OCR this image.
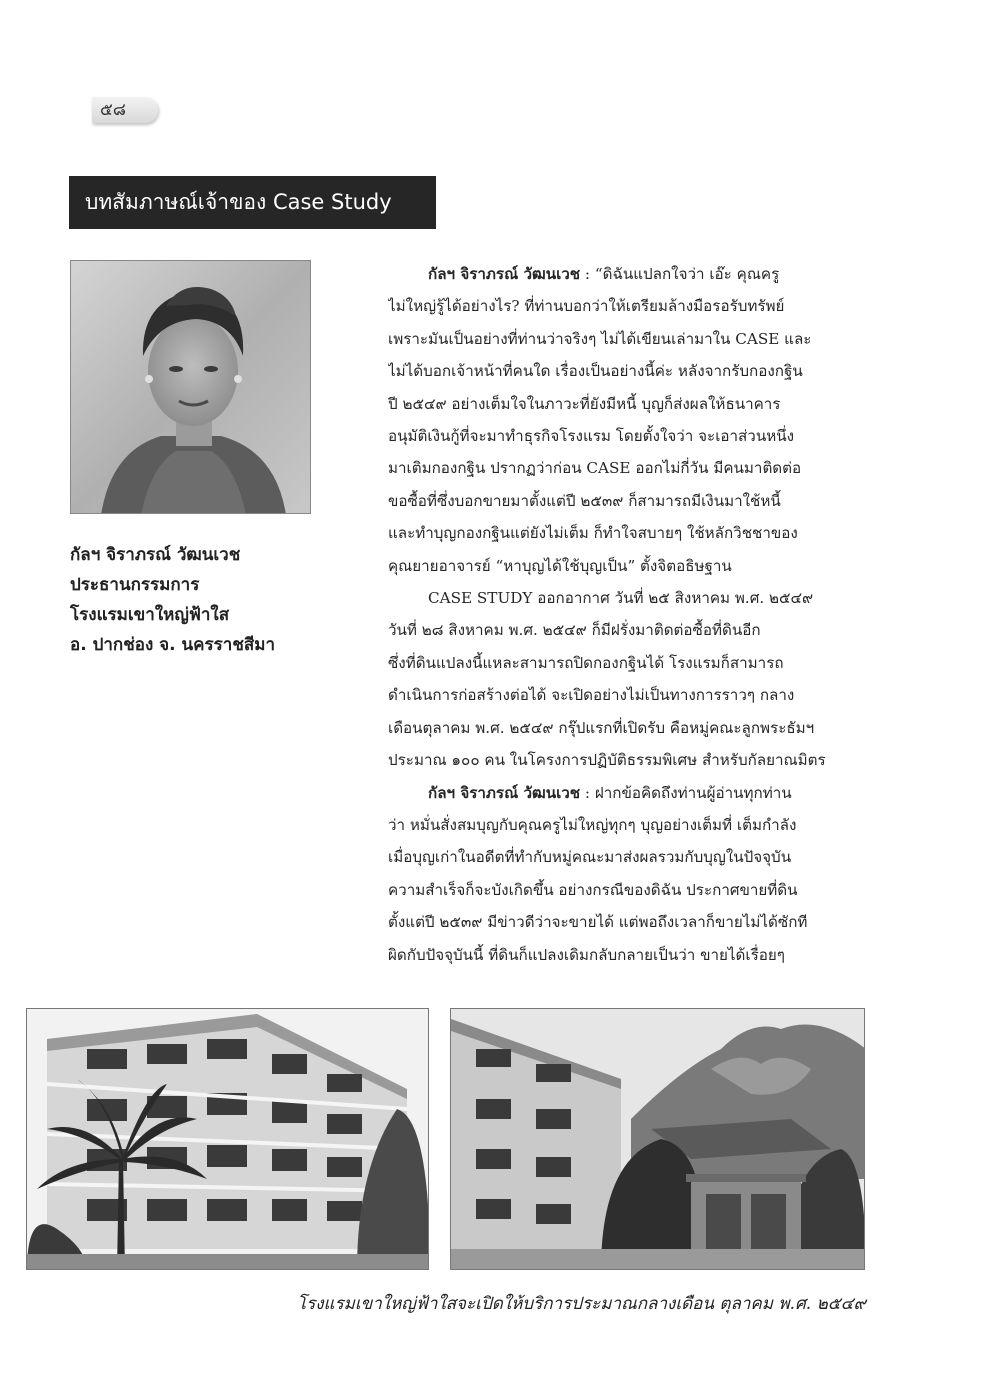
๕๘
บทสัมภาษณ์เจ้าของ Case Study
กัลฯ จิราภรณ์ วัฒนเวช
ประธานกรรมการ
โรงแรมเขาใหญ่ฟ้าใส
อ. ปากช่อง จ. นครราชสีมา

กัลฯ จิราภรณ์ วัฒนเวช : “ดิฉันแปลกใจว่า เอ๊ะ คุณครู

ไม่ใหญ่รู้ได้อย่างไร? ที่ท่านบอกว่าให้เตรียมล้างมือรอรับทรัพย์

เพราะมันเป็นอย่างที่ท่านว่าจริงๆ ไม่ได้เขียนเล่ามาใน CASE และ

ไม่ได้บอกเจ้าหน้าที่คนใด เรื่องเป็นอย่างนี้ค่ะ หลังจากรับกองกฐิน

ปี ๒๕๔๙ อย่างเต็มใจในภาวะที่ยังมีหนี้ บุญก็ส่งผลให้ธนาคาร

อนุมัติเงินกู้ที่จะมาทำธุรกิจโรงแรม โดยตั้งใจว่า จะเอาส่วนหนึ่ง

มาเติมกองกฐิน ปรากฏว่าก่อน CASE ออกไม่กี่วัน มีคนมาติดต่อ

ขอซื้อที่ซึ่งบอกขายมาตั้งแต่ปี ๒๕๓๙ ก็สามารถมีเงินมาใช้หนี้

และทำบุญกองกฐินแต่ยังไม่เต็ม ก็ทำใจสบายๆ ใช้หลักวิชชาของ

คุณยายอาจารย์ “หาบุญได้ใช้บุญเป็น” ตั้งจิตอธิษฐาน

CASE STUDY ออกอากาศ วันที่ ๒๕ สิงหาคม พ.ศ. ๒๕๔๙

วันที่ ๒๘ สิงหาคม พ.ศ. ๒๕๔๙ ก็มีฝรั่งมาติดต่อซื้อที่ดินอีก

ซึ่งที่ดินแปลงนี้แหละสามารถปิดกองกฐินได้ โรงแรมก็สามารถ

ดำเนินการก่อสร้างต่อได้ จะเปิดอย่างไม่เป็นทางการราวๆ กลาง

เดือนตุลาคม พ.ศ. ๒๕๔๙ กรุ๊ปแรกที่เปิดรับ คือหมู่คณะลูกพระธัมฯ

ประมาณ ๑๐๐ คน ในโครงการปฏิบัติธรรมพิเศษ สำหรับกัลยาณมิตร

กัลฯ จิราภรณ์ วัฒนเวช : ฝากข้อคิดถึงท่านผู้อ่านทุกท่าน

ว่า หมั่นสั่งสมบุญกับคุณครูไม่ใหญ่ทุกๆ บุญอย่างเต็มที่ เต็มกำลัง

เมื่อบุญเก่าในอดีตที่ทำกับหมู่คณะมาส่งผลรวมกับบุญในปัจจุบัน

ความสำเร็จก็จะบังเกิดขึ้น อย่างกรณีของดิฉัน ประกาศขายที่ดิน

ตั้งแต่ปี ๒๕๓๙ มีข่าวดีว่าจะขายได้ แต่พอถึงเวลาก็ขายไม่ได้ซักที

ผิดกับปัจจุบันนี้ ที่ดินก็แปลงเดิมกลับกลายเป็นว่า ขายได้เรื่อยๆ

โรงแรมเขาใหญ่ฟ้าใสจะเปิดให้บริการประมาณกลางเดือน ตุลาคม พ.ศ. ๒๕๔๙
